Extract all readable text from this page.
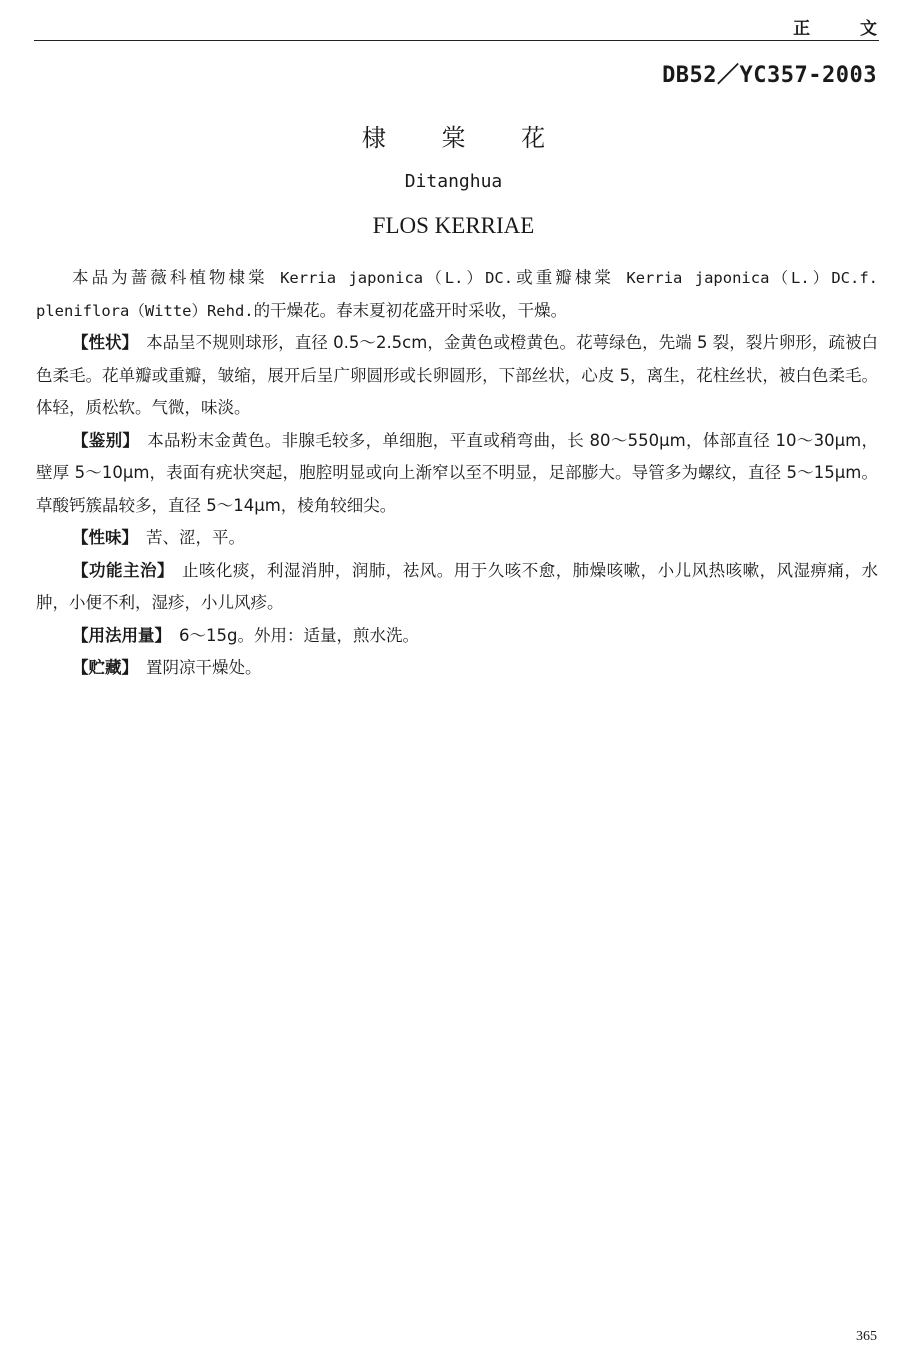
正 文
DB52／YC357-2003
棣 棠 花
Ditanghua
FLOS KERRIAE

本品为蔷薇科植物棣棠 Kerria japonica（L.）DC.或重瓣棣棠 Kerria japonica（L.）DC.f. pleniflora（Witte）Rehd.的干燥花。春末夏初花盛开时采收，干燥。

【性状】 本品呈不规则球形，直径 0.5～2.5cm，金黄色或橙黄色。花萼绿色，先端 5 裂，裂片卵形，疏被白色柔毛。花单瓣或重瓣，皱缩，展开后呈广卵圆形或长卵圆形，下部丝状，心皮 5，离生，花柱丝状，被白色柔毛。体轻，质松软。气微，味淡。

【鉴别】 本品粉末金黄色。非腺毛较多，单细胞，平直或稍弯曲，长 80～550μm，体部直径 10～30μm，壁厚 5～10μm，表面有疣状突起，胞腔明显或向上渐窄以至不明显，足部膨大。导管多为螺纹，直径 5～15μm。草酸钙簇晶较多，直径 5～14μm，棱角较细尖。

【性味】 苦、涩，平。

【功能主治】 止咳化痰，利湿消肿，润肺，祛风。用于久咳不愈，肺燥咳嗽，小儿风热咳嗽，风湿痹痛，水肿，小便不利，湿疹，小儿风疹。

【用法用量】 6～15g。外用：适量，煎水洗。

【贮藏】 置阴凉干燥处。

365
